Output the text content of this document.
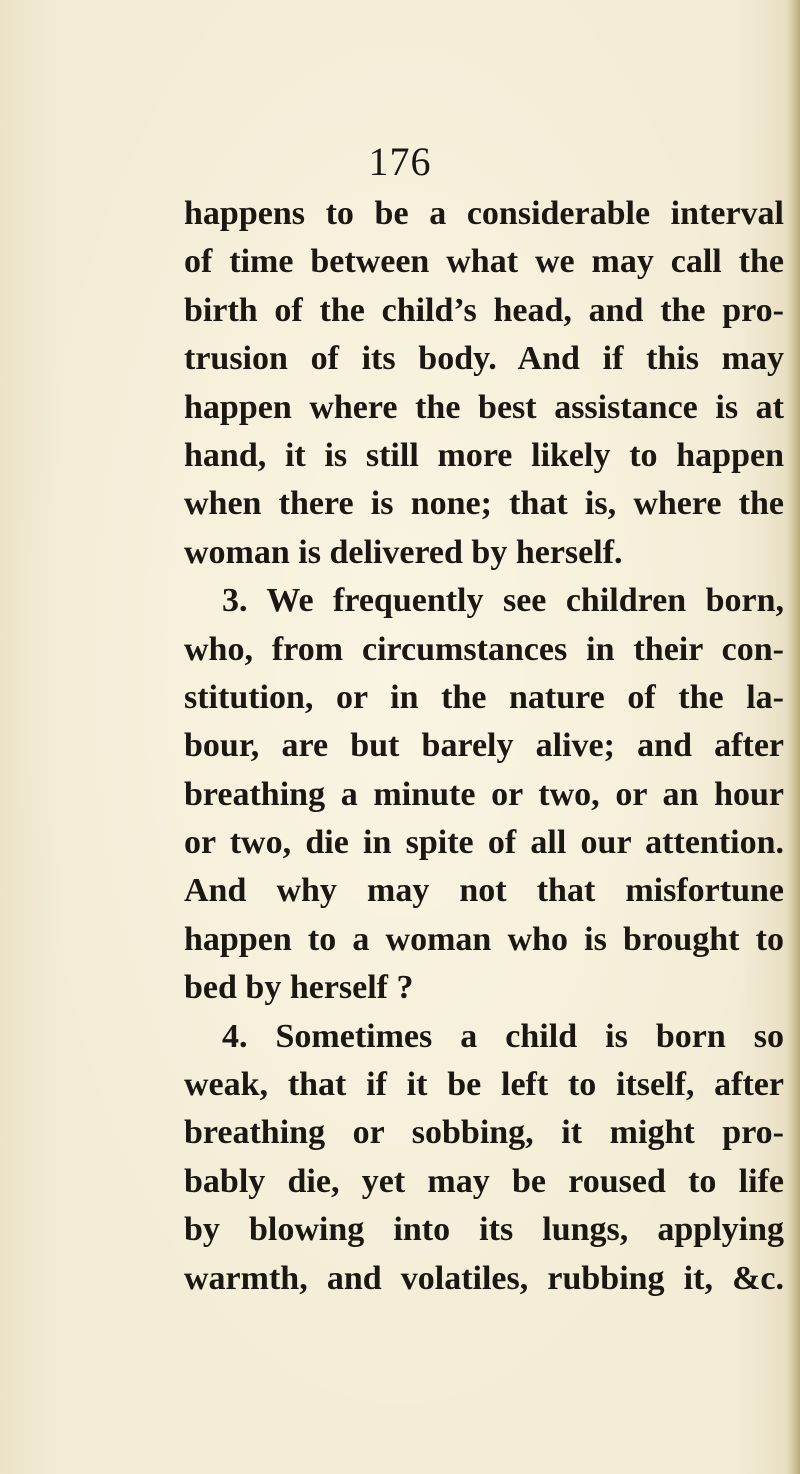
176
happens to be a considerable interval
of time between what we may call the
birth of the child’s head, and the pro-
trusion of its body. And if this may
happen where the best assistance is at
hand, it is still more likely to happen
when there is none; that is, where the
woman is delivered by herself.
3. We frequently see children born,
who, from circumstances in their con-
stitution, or in the nature of the la-
bour, are but barely alive; and after
breathing a minute or two, or an hour
or two, die in spite of all our attention.
And why may not that misfortune
happen to a woman who is brought to
bed by herself ?
4. Sometimes a child is born so
weak, that if it be left to itself, after
breathing or sobbing, it might pro-
bably die, yet may be roused to life
by blowing into its lungs, applying
warmth, and volatiles, rubbing it, &c.
